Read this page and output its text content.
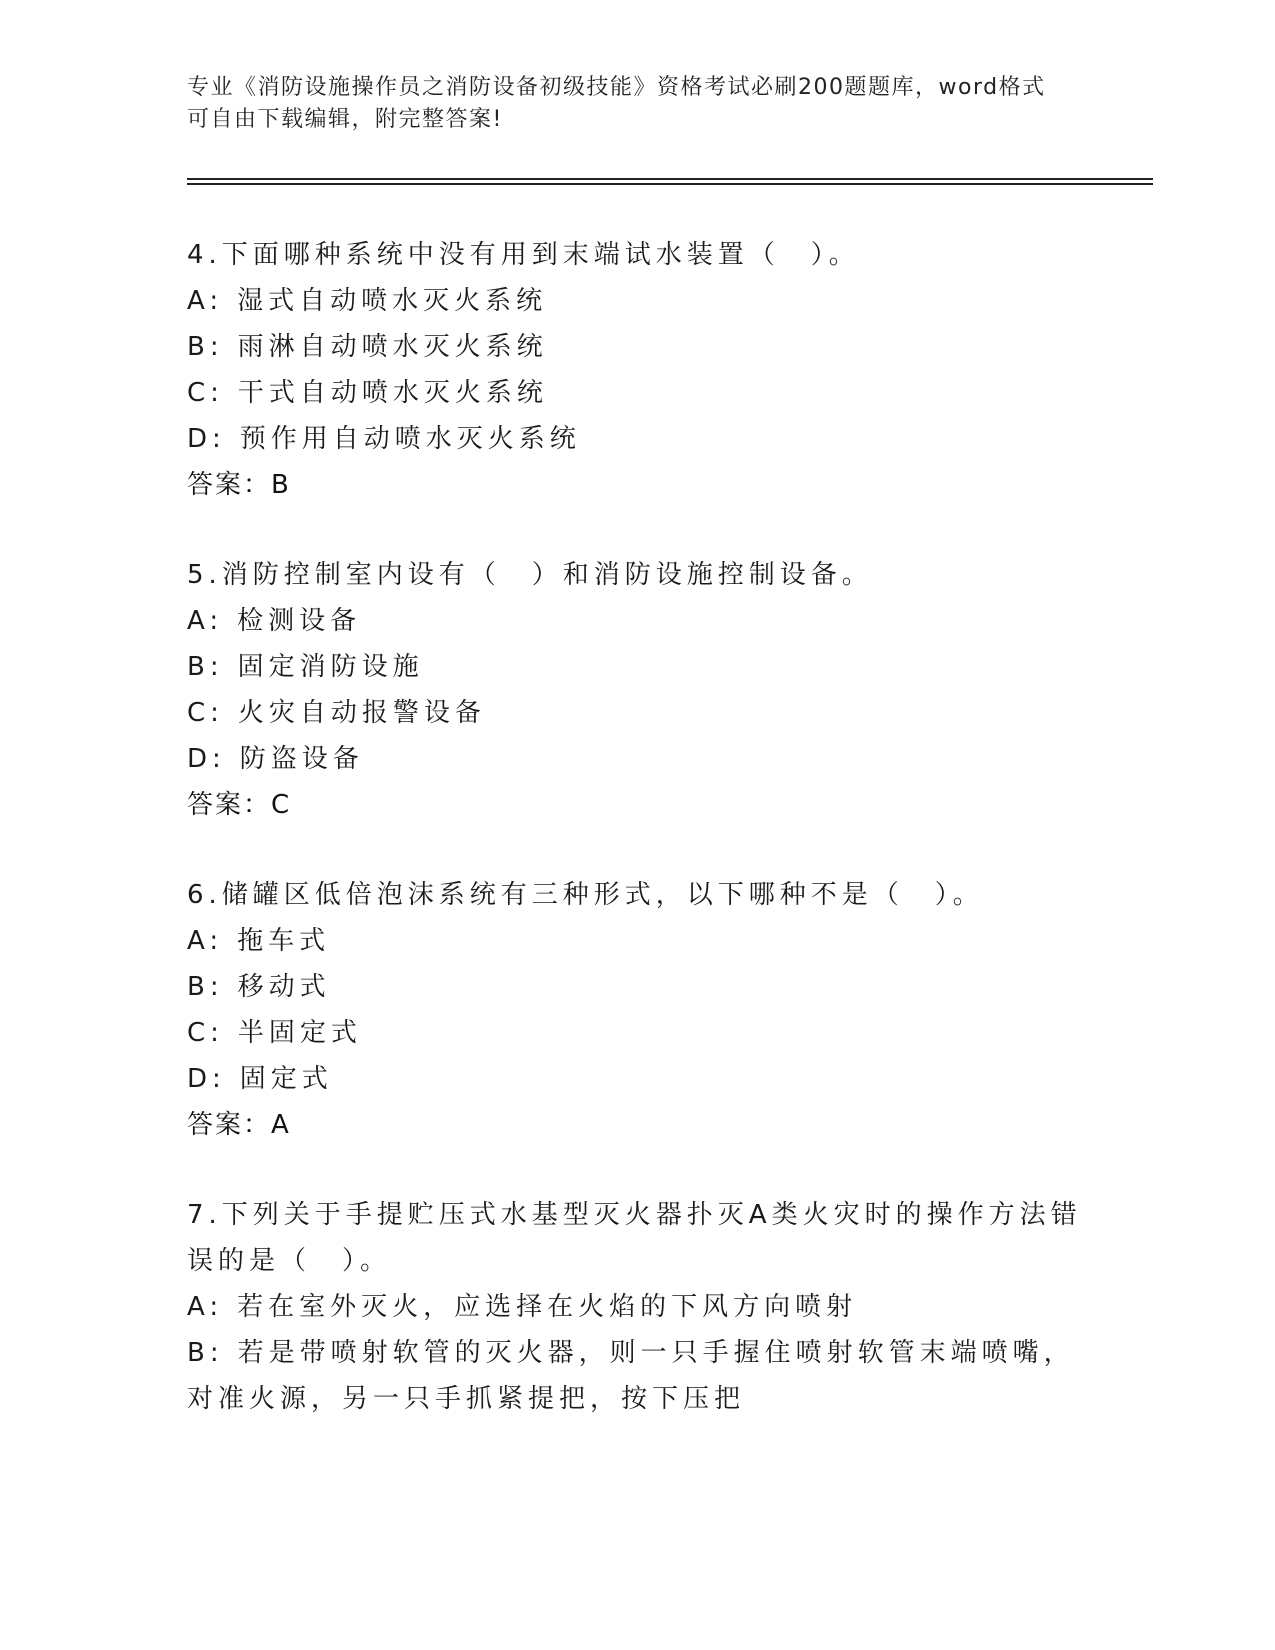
专业《消防设施操作员之消防设备初级技能》资格考试必刷200题题库，word格式可自由下载编辑，附完整答案!
4.下面哪种系统中没有用到末端试水装置（　）。
A: 湿式自动喷水灭火系统
B: 雨淋自动喷水灭火系统
C: 干式自动喷水灭火系统
D: 预作用自动喷水灭火系统
答案：B
5.消防控制室内设有（　）和消防设施控制设备。
A: 检测设备
B: 固定消防设施
C: 火灾自动报警设备
D: 防盗设备
答案：C
6.储罐区低倍泡沫系统有三种形式，以下哪种不是（　）。
A: 拖车式
B: 移动式
C: 半固定式
D: 固定式
答案：A
7.下列关于手提贮压式水基型灭火器扑灭A类火灾时的操作方法错误的是（　）。
A: 若在室外灭火，应选择在火焰的下风方向喷射
B: 若是带喷射软管的灭火器，则一只手握住喷射软管末端喷嘴，对准火源，另一只手抓紧提把，按下压把
